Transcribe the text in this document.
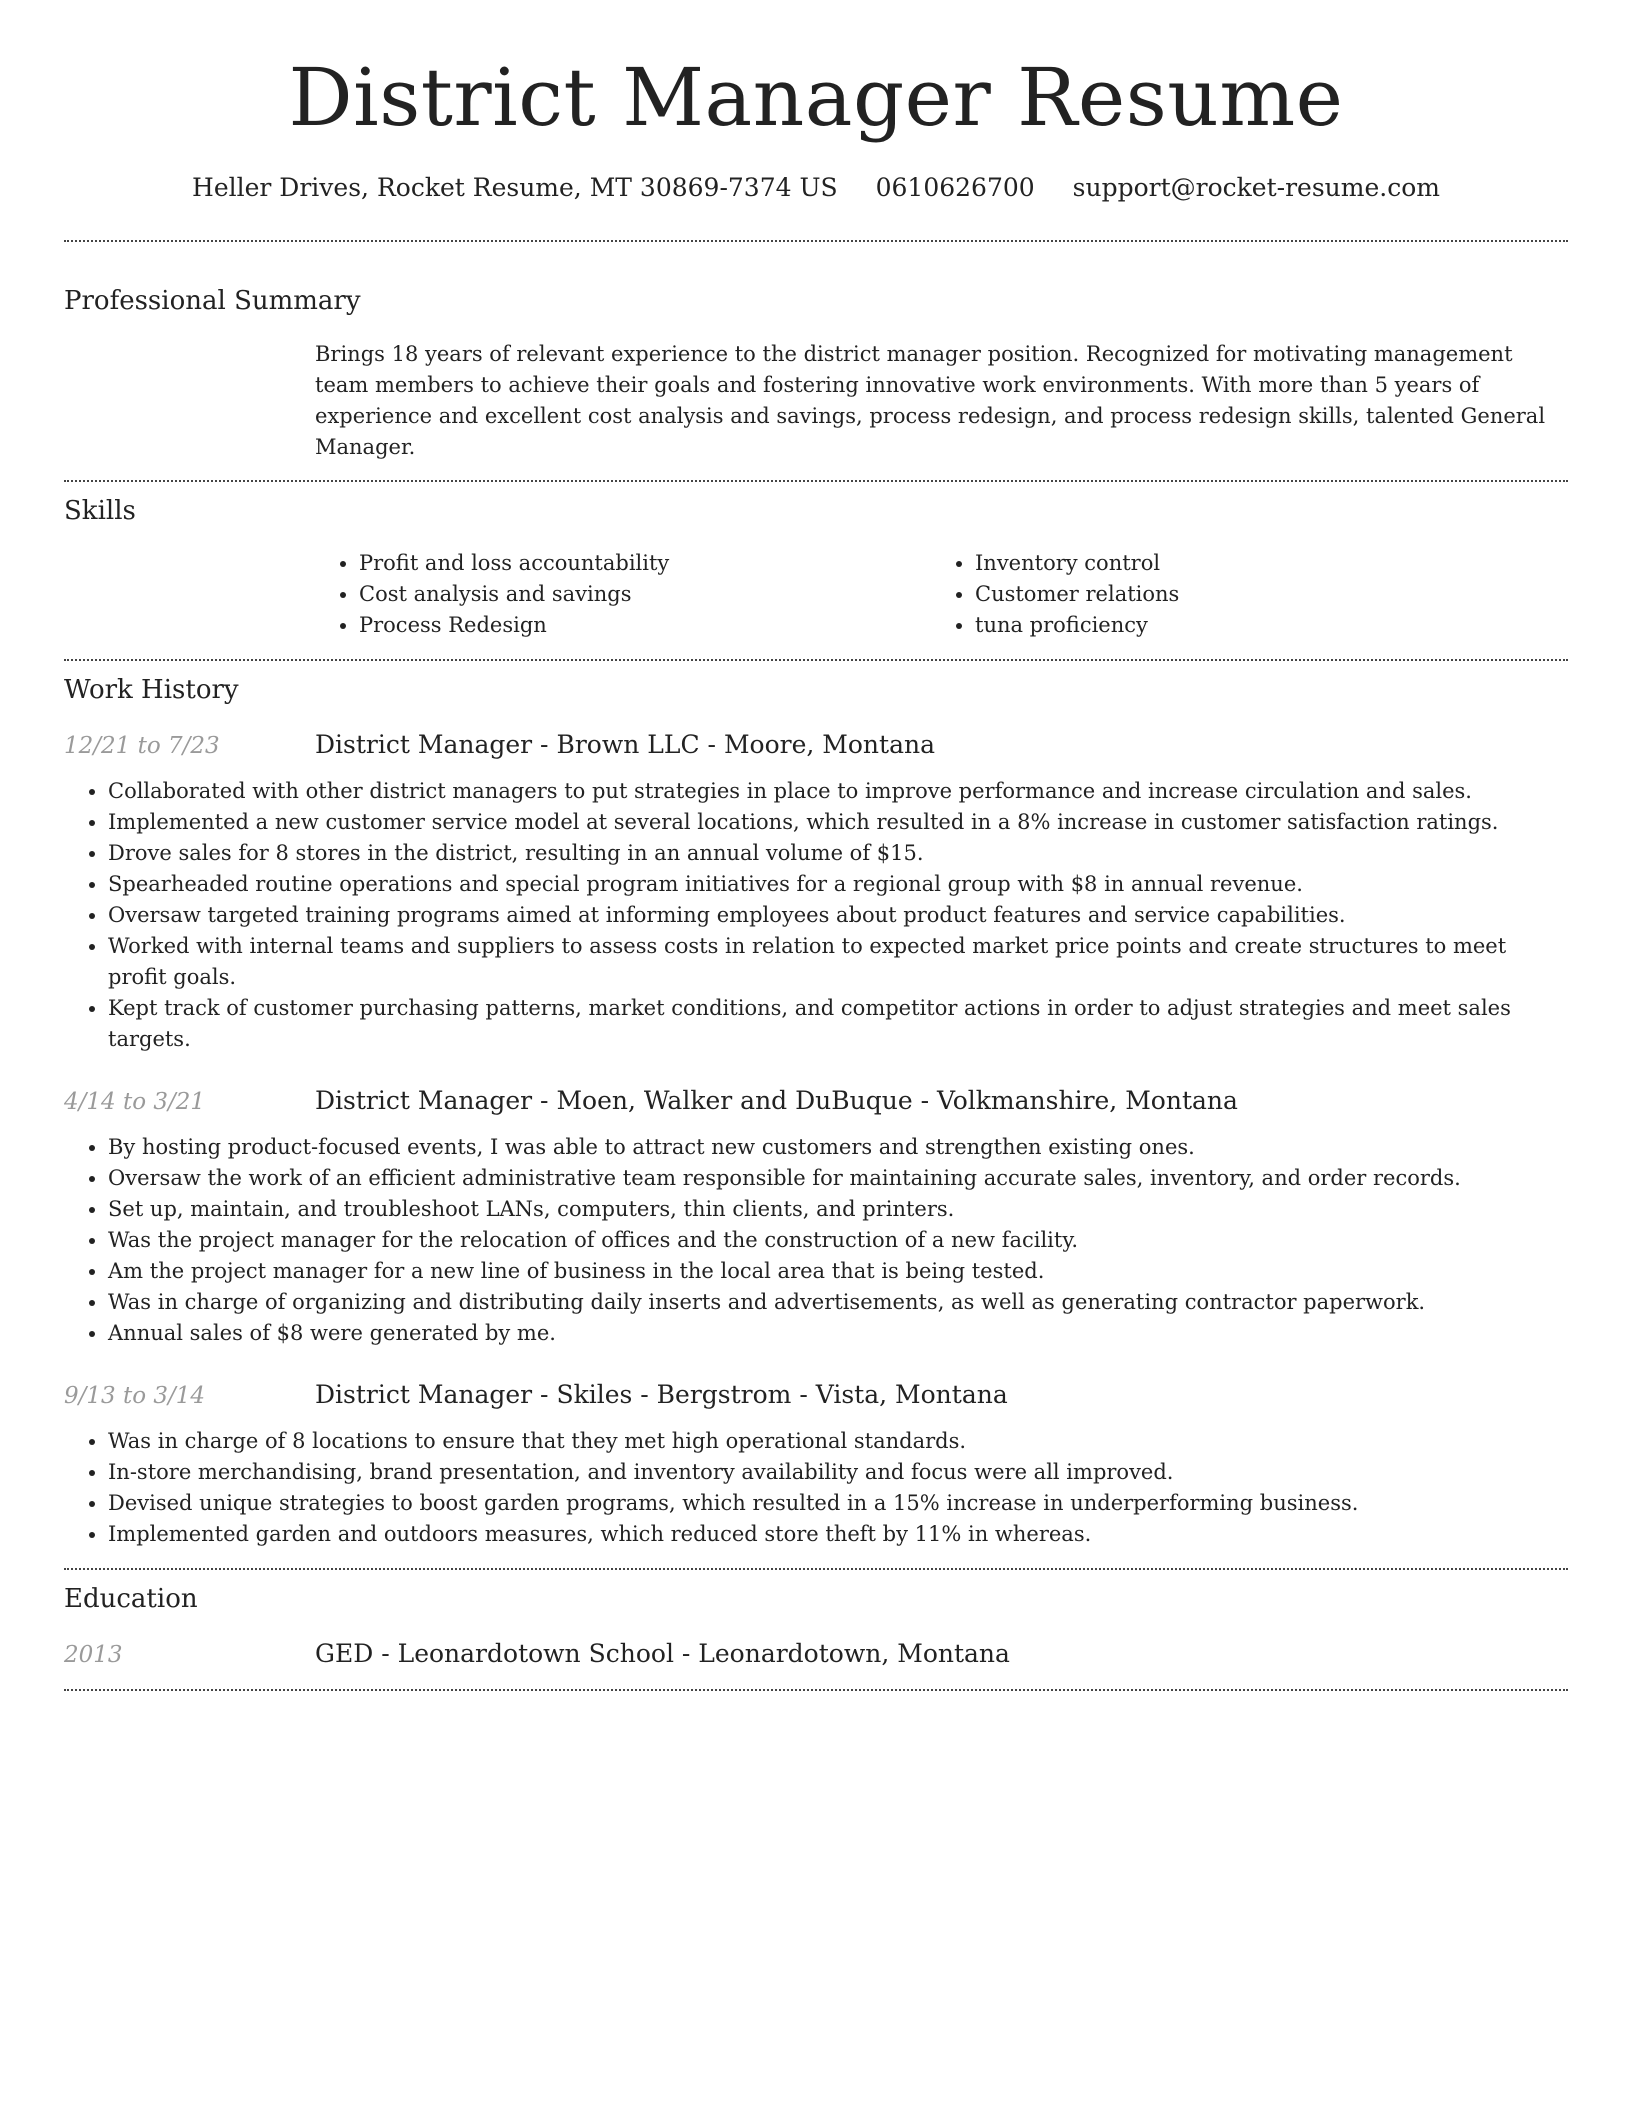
District Manager Resume
Heller Drives, Rocket Resume, MT 30869-7374 US 0610626700 support@rocket-resume.com
Professional Summary

Brings 18 years of relevant experience to the district manager position. Recognized for motivating management team members to achieve their goals and fostering innovative work environments. With more than 5 years of experience and excellent cost analysis and savings, process redesign, and process redesign skills, talented General Manager.

Skills
• Profit and loss accountability
• Cost analysis and savings
• Process Redesign
• Inventory control
• Customer relations
• tuna proficiency
Work History
12/21 to 7/23	District Manager - Brown LLC - Moore, Montana
• Collaborated with other district managers to put strategies in place to improve performance and increase circulation and sales.
• Implemented a new customer service model at several locations, which resulted in a 8% increase in customer satisfaction ratings.
• Drove sales for 8 stores in the district, resulting in an annual volume of $15.
• Spearheaded routine operations and special program initiatives for a regional group with $8 in annual revenue.
• Oversaw targeted training programs aimed at informing employees about product features and service capabilities.
• Worked with internal teams and suppliers to assess costs in relation to expected market price points and create structures to meet profit goals.
• Kept track of customer purchasing patterns, market conditions, and competitor actions in order to adjust strategies and meet sales targets.
4/14 to 3/21	District Manager - Moen, Walker and DuBuque - Volkmanshire, Montana
• By hosting product-focused events, I was able to attract new customers and strengthen existing ones.
• Oversaw the work of an efficient administrative team responsible for maintaining accurate sales, inventory, and order records.
• Set up, maintain, and troubleshoot LANs, computers, thin clients, and printers.
• Was the project manager for the relocation of offices and the construction of a new facility.
• Am the project manager for a new line of business in the local area that is being tested.
• Was in charge of organizing and distributing daily inserts and advertisements, as well as generating contractor paperwork.
• Annual sales of $8 were generated by me.
9/13 to 3/14	District Manager - Skiles - Bergstrom - Vista, Montana
• Was in charge of 8 locations to ensure that they met high operational standards.
• In-store merchandising, brand presentation, and inventory availability and focus were all improved.
• Devised unique strategies to boost garden programs, which resulted in a 15% increase in underperforming business.
• Implemented garden and outdoors measures, which reduced store theft by 11% in whereas.
Education
2013	GED - Leonardotown School - Leonardotown, Montana
